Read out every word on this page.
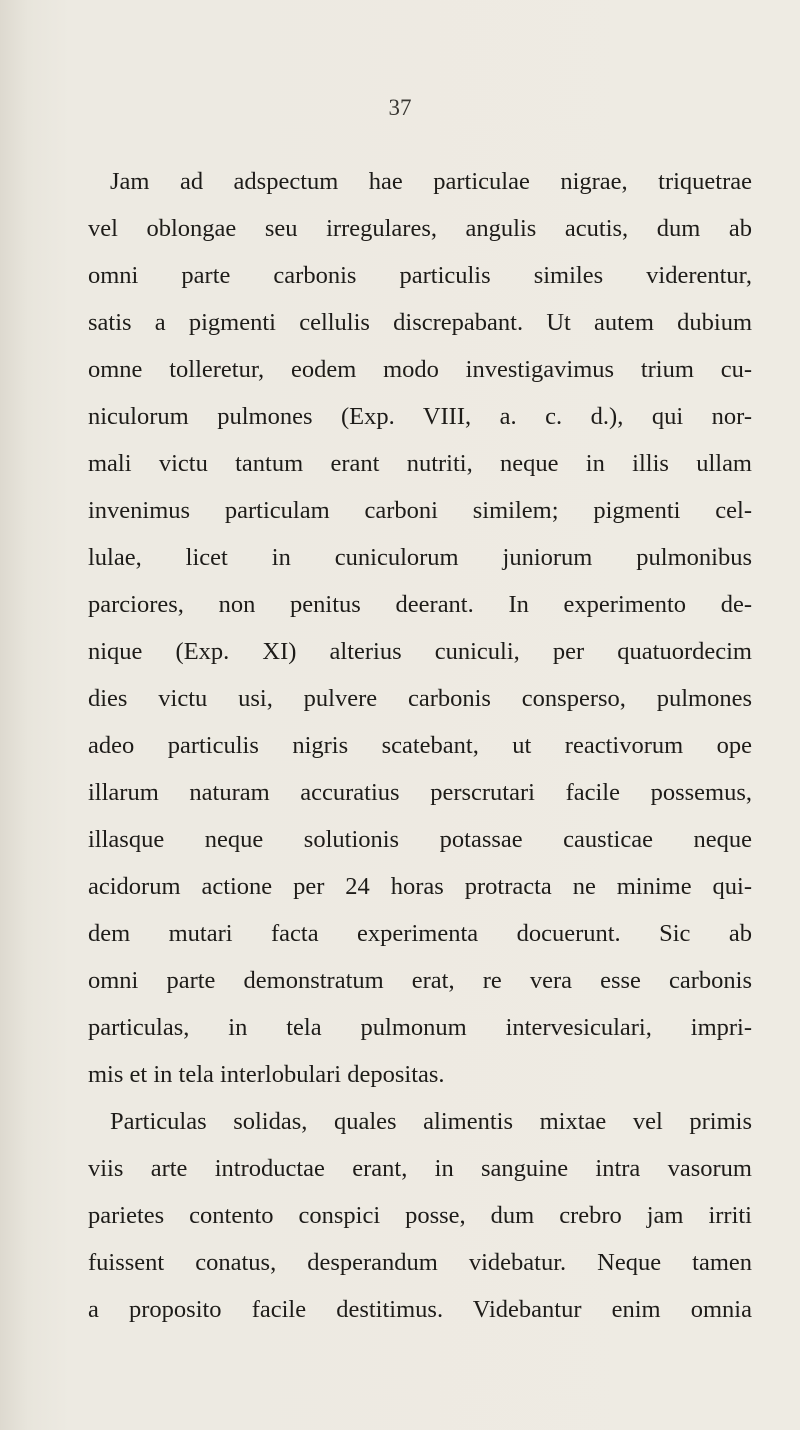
37
Jam ad adspectum hae particulae nigrae, triquetrae
vel oblongae seu irregulares, angulis acutis, dum ab
omni parte carbonis particulis similes viderentur,
satis a pigmenti cellulis discrepabant. Ut autem dubium
omne tolleretur, eodem modo investigavimus trium cu-
niculorum pulmones (Exp. VIII, a. c. d.), qui nor-
mali victu tantum erant nutriti, neque in illis ullam
invenimus particulam carboni similem; pigmenti cel-
lulae, licet in cuniculorum juniorum pulmonibus
parciores, non penitus deerant. In experimento de-
nique (Exp. XI) alterius cuniculi, per quatuordecim
dies victu usi, pulvere carbonis consperso, pulmones
adeo particulis nigris scatebant, ut reactivorum ope
illarum naturam accuratius perscrutari facile possemus,
illasque neque solutionis potassae causticae neque
acidorum actione per 24 horas protracta ne minime qui-
dem mutari facta experimenta docuerunt. Sic ab
omni parte demonstratum erat, re vera esse carbonis
particulas, in tela pulmonum intervesiculari, impri-
mis et in tela interlobulari depositas.
Particulas solidas, quales alimentis mixtae vel primis
viis arte introductae erant, in sanguine intra vasorum
parietes contento conspici posse, dum crebro jam irriti
fuissent conatus, desperandum videbatur. Neque tamen
a proposito facile destitimus. Videbantur enim omnia
